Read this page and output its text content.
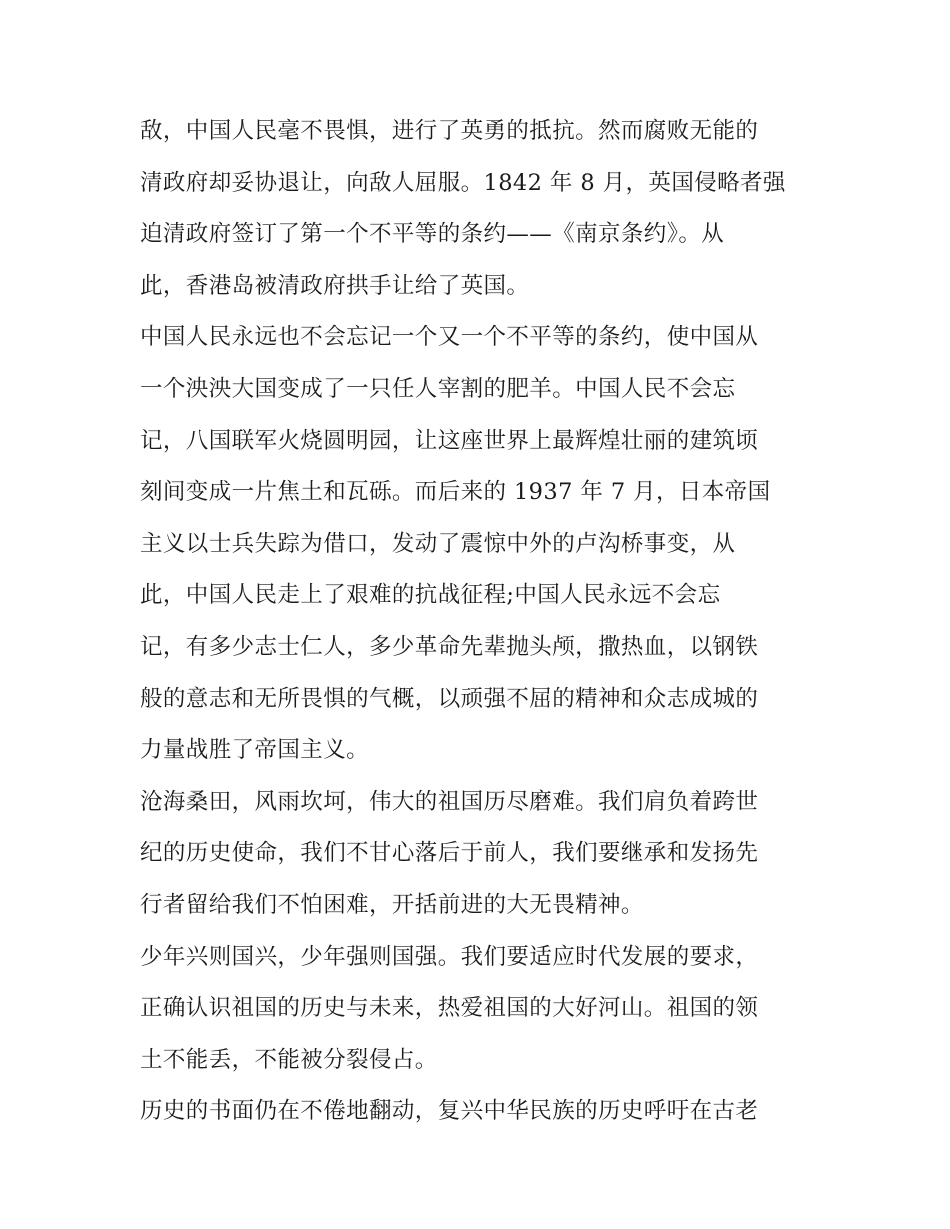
敌，中国人民毫不畏惧，进行了英勇的抵抗。然而腐败无能的
清政府却妥协退让，向敌人屈服。1842 年 8 月，英国侵略者强
迫清政府签订了第一个不平等的条约——《南京条约》。从
此，香港岛被清政府拱手让给了英国。
中国人民永远也不会忘记一个又一个不平等的条约，使中国从
一个泱泱大国变成了一只任人宰割的肥羊。中国人民不会忘
记，八国联军火烧圆明园，让这座世界上最辉煌壮丽的建筑顷
刻间变成一片焦土和瓦砾。而后来的 1937 年 7 月，日本帝国
主义以士兵失踪为借口，发动了震惊中外的卢沟桥事变，从
此，中国人民走上了艰难的抗战征程;中国人民永远不会忘
记，有多少志士仁人，多少革命先辈抛头颅，撒热血，以钢铁
般的意志和无所畏惧的气概，以顽强不屈的精神和众志成城的
力量战胜了帝国主义。
沧海桑田，风雨坎坷，伟大的祖国历尽磨难。我们肩负着跨世
纪的历史使命，我们不甘心落后于前人，我们要继承和发扬先
行者留给我们不怕困难，开括前进的大无畏精神。
少年兴则国兴，少年强则国强。我们要适应时代发展的要求，
正确认识祖国的历史与未来，热爱祖国的大好河山。祖国的领
土不能丢，不能被分裂侵占。
历史的书面仍在不倦地翻动，复兴中华民族的历史呼吁在古老
